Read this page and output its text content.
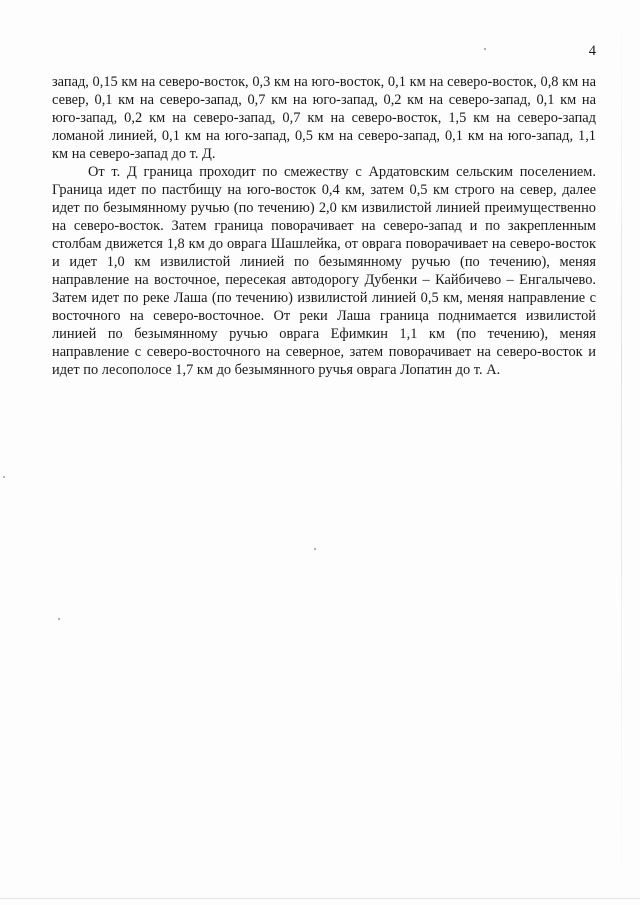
4

запад, 0,15 км на северо-восток, 0,3 км на юго-восток, 0,1 км на северо-восток, 0,8 км на север, 0,1 км на северо-запад, 0,7 км на юго-запад, 0,2 км на северо-запад, 0,1 км на юго-запад, 0,2 км на северо-запад, 0,7 км на северо-восток, 1,5 км на северо-запад ломаной линией, 0,1 км на юго-запад, 0,5 км на северо-запад, 0,1 км на юго-запад, 1,1 км на северо-запад до т. Д.

От т. Д граница проходит по смежеству с Ардатовским сельским поселением. Граница идет по пастбищу на юго-восток 0,4 км, затем 0,5 км строго на север, далее идет по безымянному ручью (по течению) 2,0 км извилистой линией преимущественно на северо-восток. Затем граница поворачивает на северо-запад и по закрепленным столбам движется 1,8 км до оврага Шашлейка, от оврага поворачивает на северо-восток и идет 1,0 км извилистой линией по безымянному ручью (по течению), меняя направление на восточное, пересекая автодорогу Дубенки – Кайбичево – Енгалычево. Затем идет по реке Лаша (по течению) извилистой линией 0,5 км, меняя направление с восточного на северо-восточное. От реки Лаша граница поднимается извилистой линией по безымянному ручью оврага Ефимкин 1,1 км (по течению), меняя направление с северо-восточного на северное, затем поворачивает на северо-восток и идет по лесополосе 1,7 км до безымянного ручья оврага Лопатин до т. А.
